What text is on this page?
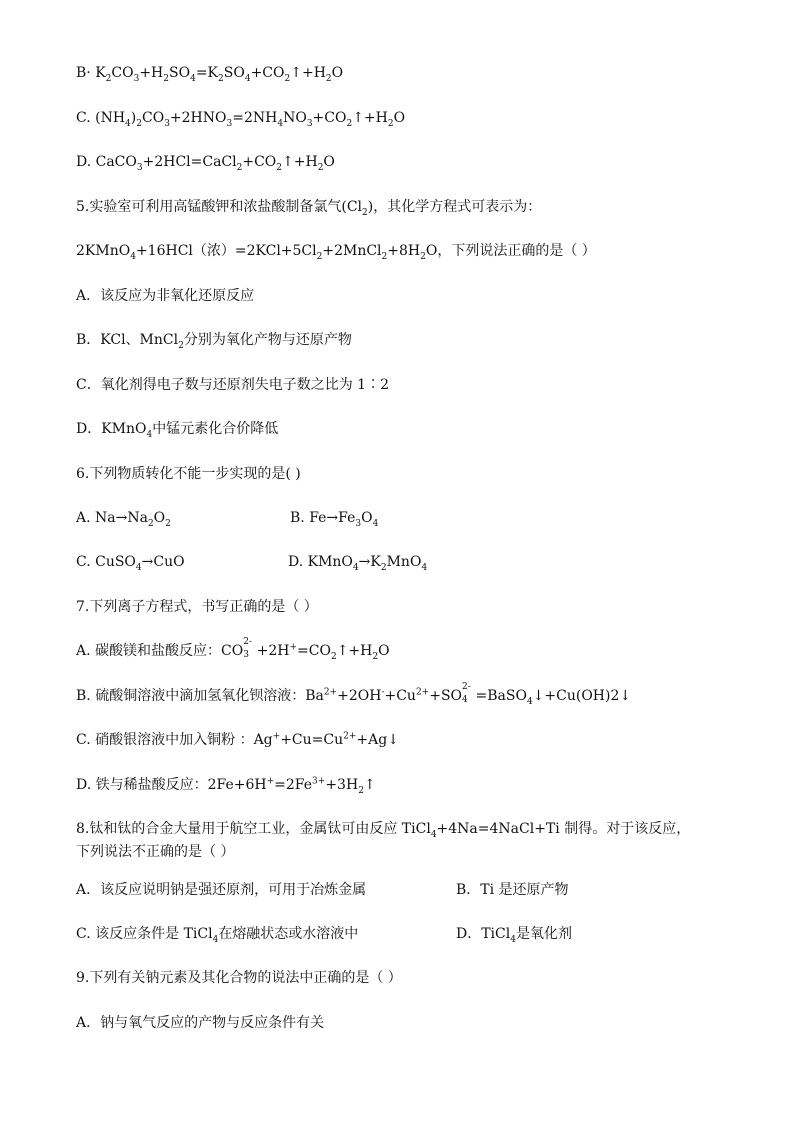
$B\cdot K_2CO_3+H_2SO_4=K_2SO_4+CO_2↑+H_2O$
C. $(NH_4)_2CO_3+2HNO_3=2NH_4NO_3+CO_2↑+H_2O$
D. $CaCO_3+2HCl=CaCl_2+CO_2↑+H_2O$
5.实验室可利用高锰酸钾和浓盐酸制备氯气$(Cl_2)$，其化学方程式可表示为：
2KMnO$_4$+16HCl（浓）$=2KCl+5Cl_2+2MnCl_2+8H_2O$，下列说法正确的是（ ）
A．该反应为非氧化还原反应
B．KCl、MnCl$_2$分别为氧化产物与还原产物
C．氧化剂得电子数与还原剂失电子数之比为 1∶2
D．KMnO$_4$中锰元素化合价降低
6.下列物质转化不能一步实现的是( )
A. $Na\to Na_2O_2$	B. $Fe\to Fe_3O_4$
C. CuSO$_4$→CuO	D. $KMnO_4\to K_2MnO_4$
7.下列离子方程式，书写正确的是（ ）
A. 碳酸镁和盐酸反应：CO
2-
$3 +2H^+=CO_2↑+H_2O$
B. 硫酸铜溶液中滴加氢氧化钡溶液：$Ba^{2+}+2OH^-+Cu^{2+}+SO$
2-
4 =BaSO$_4$↓+Cu(OH)2↓
C. 硝酸银溶液中加入铜粉 ：$Ag^++Cu=Cu^{2+}+Ag↓$
D. 铁与稀盐酸反应：$2Fe+6H^+=2Fe^{3+}+3H_2↑$
8.钛和钛的合金大量用于航空工业，金属钛可由反应 TiCl$_4$+4Na=4NaCl+Ti 制得。对于该反应，
下列说法不正确的是（ ）
A．该反应说明钠是强还原剂，可用于冶炼金属	B．Ti 是还原产物
C. 该反应条件是 TiCl$_4$在熔融状态或水溶液中	D．TiCl$_4$是氧化剂
9.下列有关钠元素及其化合物的说法中正确的是（ ）
A．钠与氧气反应的产物与反应条件有关
